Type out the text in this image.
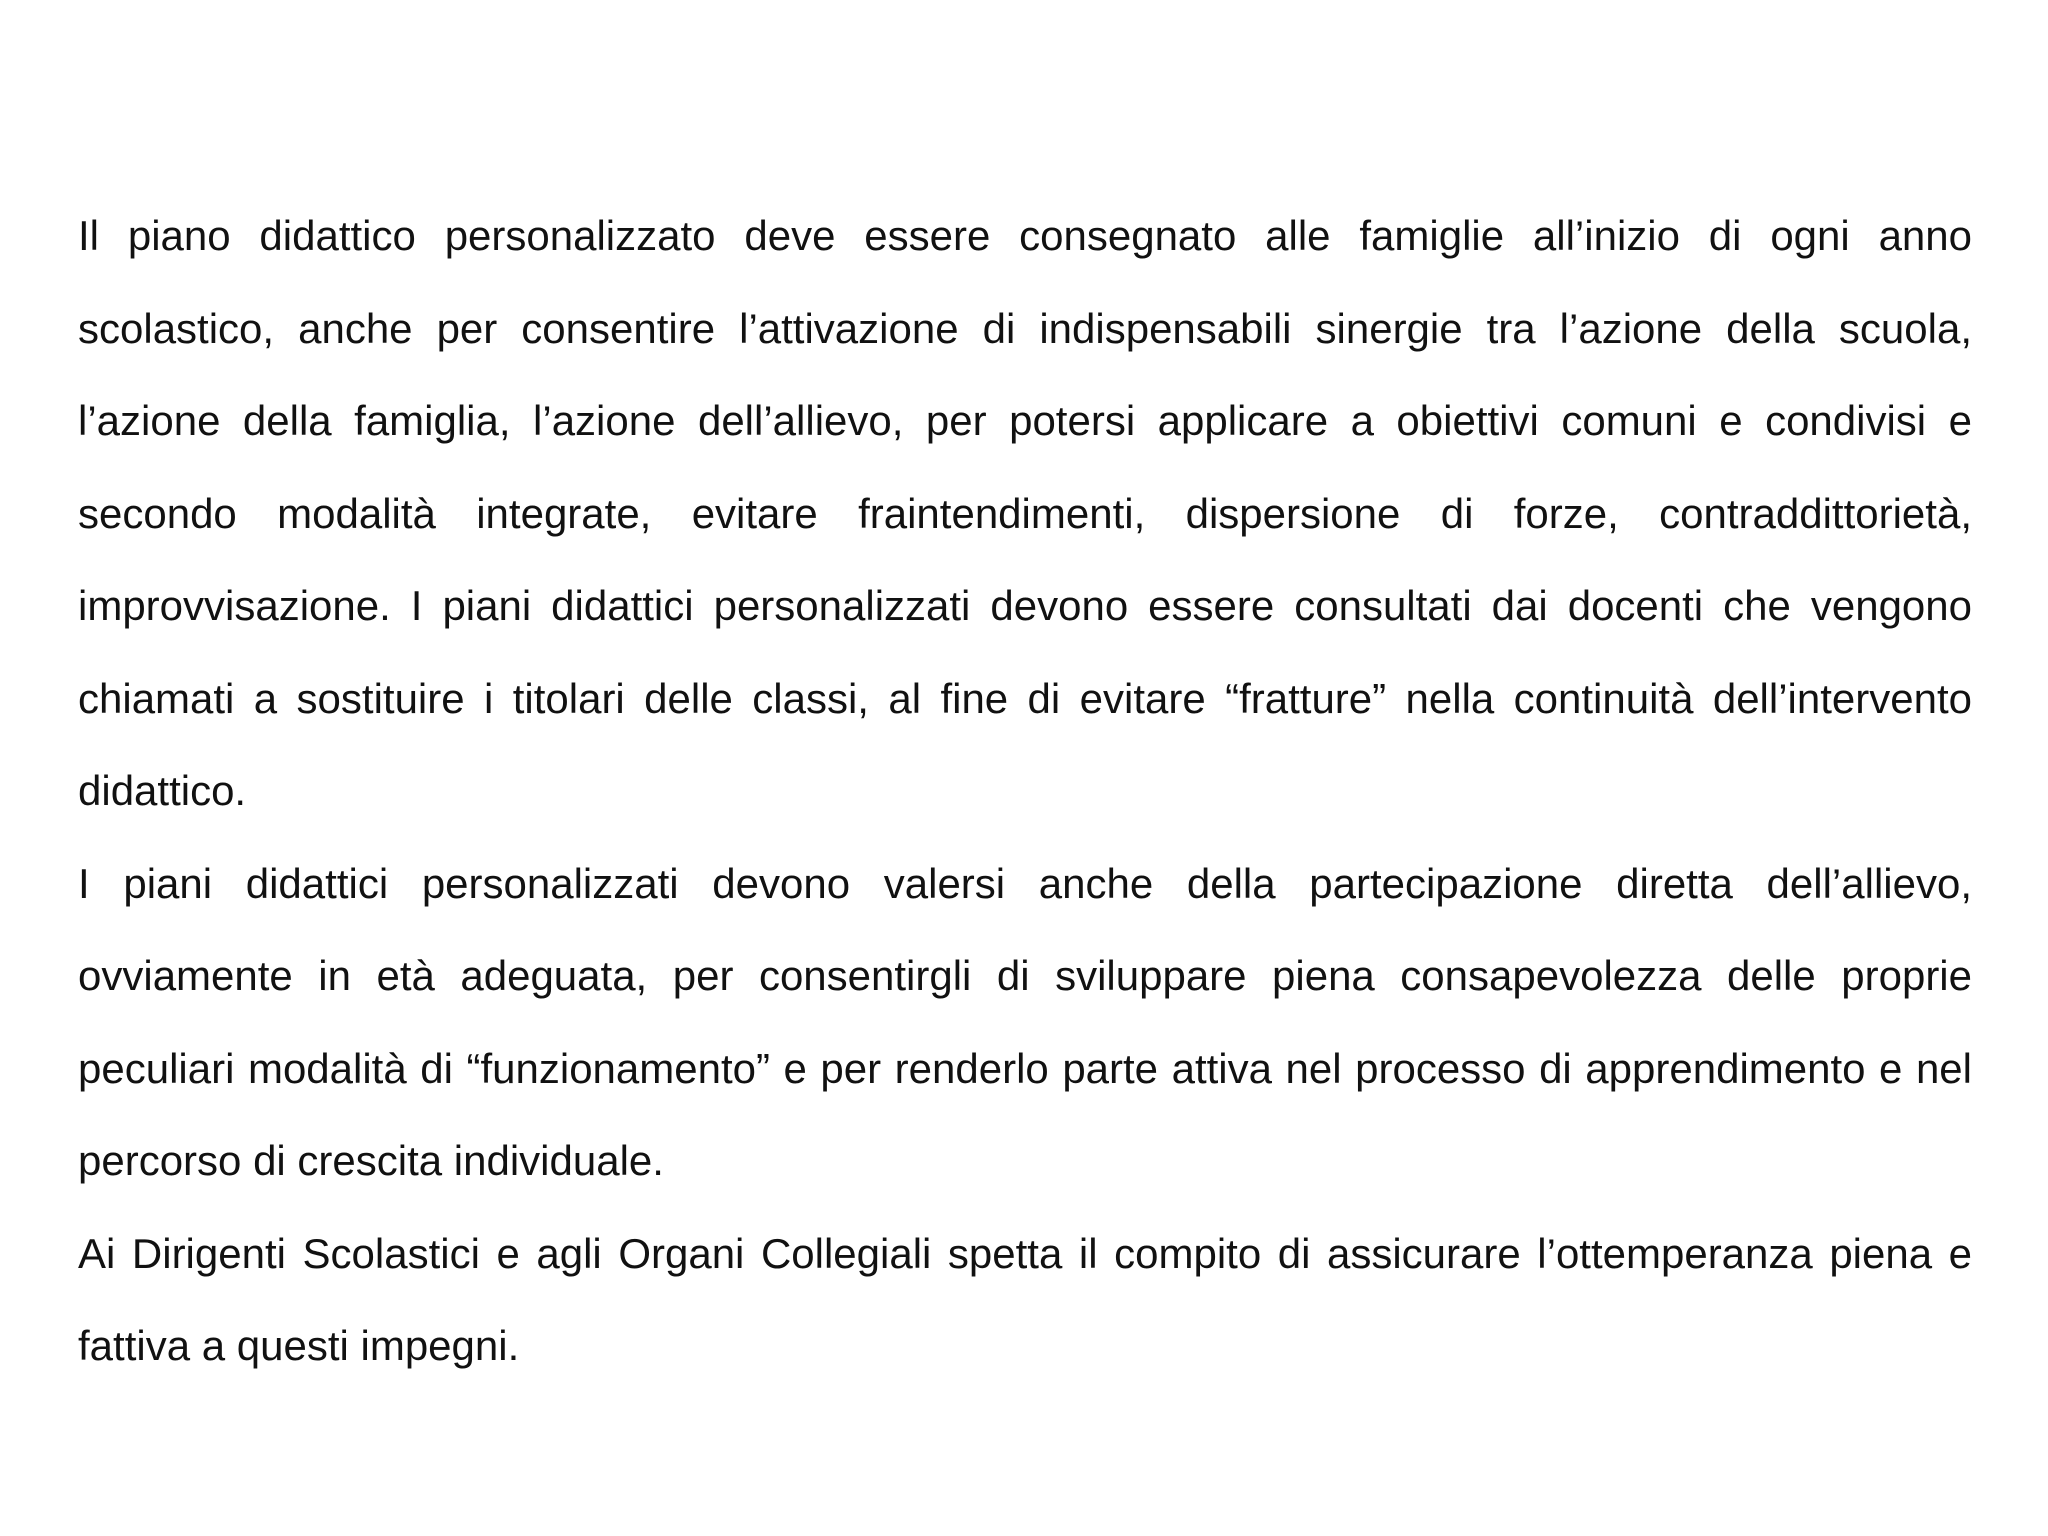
Il piano didattico personalizzato deve essere consegnato alle famiglie all’inizio di ogni anno scolastico, anche per consentire l’attivazione di indispensabili sinergie tra l’azione della scuola, l’azione della famiglia, l’azione dell’allievo, per potersi applicare a obiettivi comuni e condivisi e secondo modalità integrate, evitare fraintendimenti, dispersione di forze, contraddittorietà, improvvisazione. I piani didattici personalizzati devono essere consultati dai docenti che vengono chiamati a sostituire i titolari delle classi, al fine di evitare “fratture” nella continuità dell’intervento didattico.

I piani didattici personalizzati devono valersi anche della partecipazione diretta dell’allievo, ovviamente in età adeguata, per consentirgli di sviluppare piena consapevolezza delle proprie peculiari modalità di “funzionamento” e per renderlo parte attiva nel processo di apprendimento e nel percorso di crescita individuale.

Ai Dirigenti Scolastici e agli Organi Collegiali spetta il compito di assicurare l’ottemperanza piena e fattiva a questi impegni.
